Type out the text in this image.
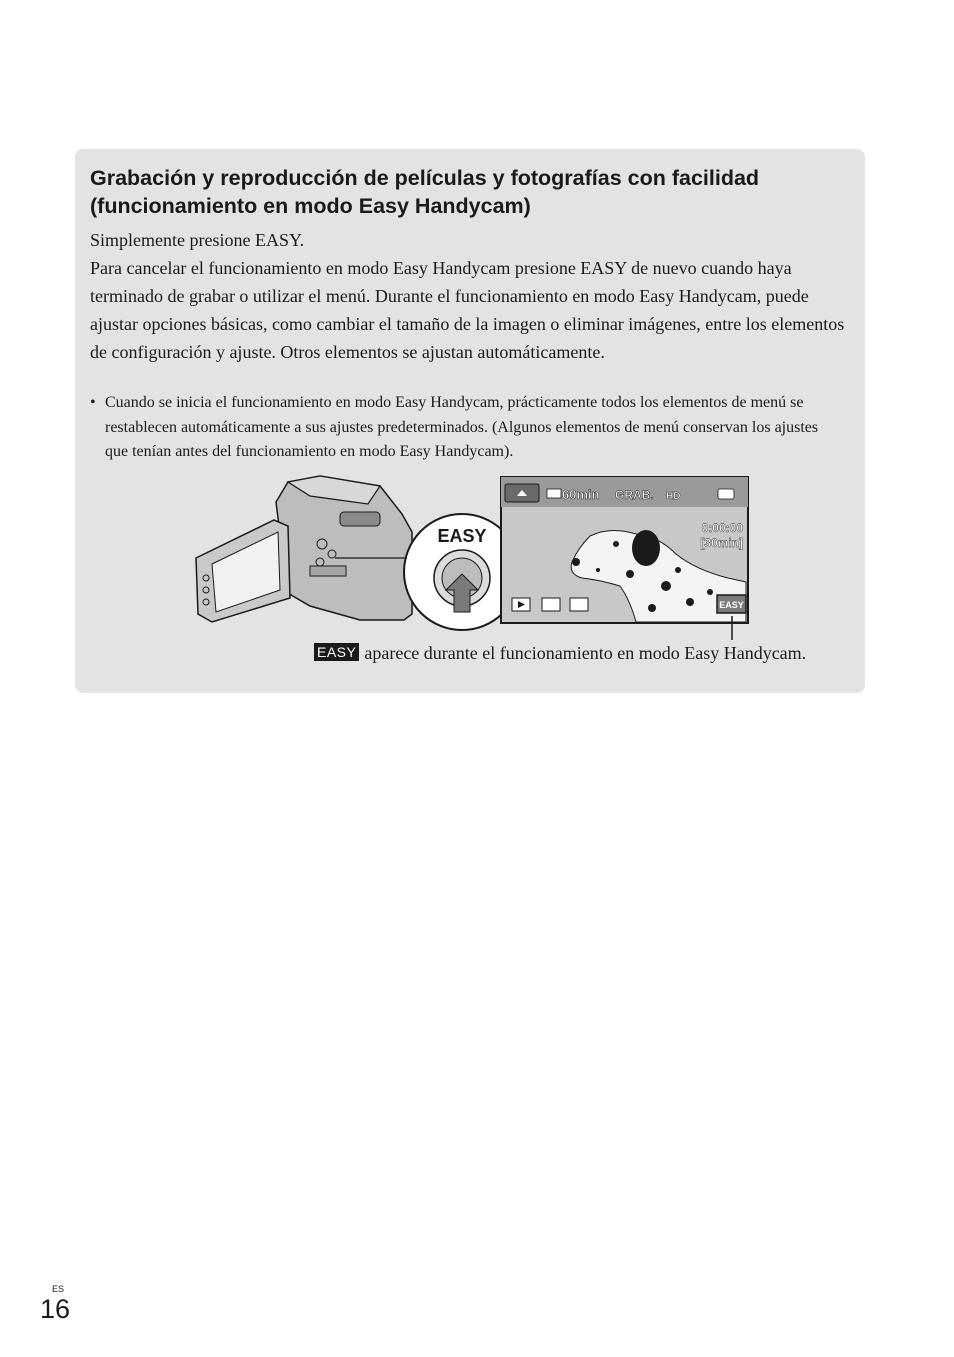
Grabación y reproducción de películas y fotografías con facilidad
(funcionamiento en modo Easy Handycam)

Simplemente presione EASY.

Para cancelar el funcionamiento en modo Easy Handycam presione EASY de nuevo cuando haya terminado de grabar o utilizar el menú. Durante el funcionamiento en modo Easy Handycam, puede ajustar opciones básicas, como cambiar el tamaño de la imagen o eliminar imágenes, entre los elementos de configuración y ajuste. Otros elementos se ajustan automáticamente.

• Cuando se inicia el funcionamiento en modo Easy Handycam, prácticamente todos los elementos de menú se restablecen automáticamente a sus ajustes predeterminados. (Algunos elementos de menú conservan los ajustes que tenían antes del funcionamiento en modo Easy Handycam).
EASY
60min GRAB. HD
0:00:00
[30min]
EASY
EASY aparece durante el funcionamiento en modo Easy Handycam.
ES
16
